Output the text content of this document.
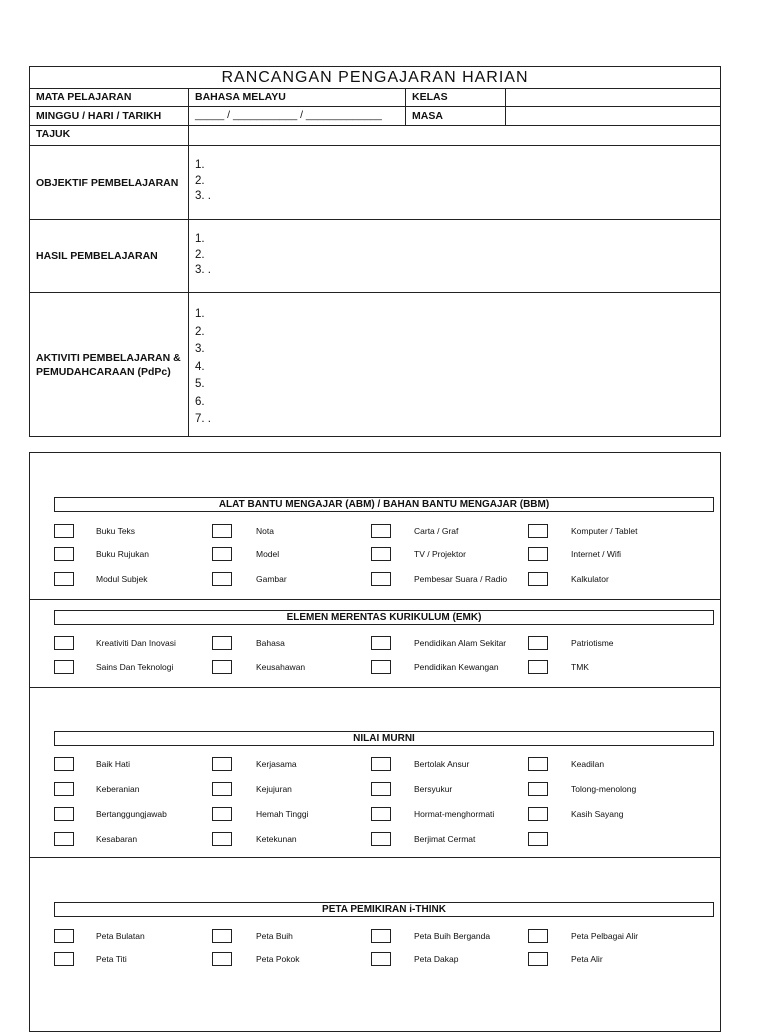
RANCANGAN PENGAJARAN HARIAN
MATA PELAJARAN	BAHASA MELAYU	KELAS
MINGGU / HARI / TARIKH	_____ / ___________ / _____________	MASA
TAJUK
OBJEKTIF PEMBELAJARAN
1.
2.
3. .
HASIL PEMBELAJARAN
1.
2.
3. .
AKTIVITI PEMBELAJARAN & PEMUDAHCARAAN (PdPc)
1.
2.
3.
4.
5.
6.
7. .
ALAT BANTU MENGAJAR (ABM) / BAHAN BANTU MENGAJAR (BBM)
ELEMEN MERENTAS KURIKULUM (EMK)
NILAI MURNI
PETA PEMIKIRAN i-THINK
Buku Teks	Nota	Carta / Graf	Komputer / Tablet
Buku Rujukan	Model	TV / Projektor	Internet / Wifi
Modul Subjek	Gambar	Pembesar Suara / Radio	Kalkulator
Kreativiti Dan Inovasi	Bahasa	Pendidikan Alam Sekitar	Patriotisme
Sains Dan Teknologi	Keusahawan	Pendidikan Kewangan	TMK
Baik Hati	Kerjasama	Bertolak Ansur	Keadilan
Keberanian	Kejujuran	Bersyukur	Tolong-menolong
Bertanggungjawab	Hemah Tinggi	Hormat-menghormati	Kasih Sayang
Kesabaran	Ketekunan	Berjimat Cermat
Peta Bulatan	Peta Buih	Peta Buih Berganda	Peta Pelbagai Alir
Peta Titi	Peta Pokok	Peta Dakap	Peta Alir
